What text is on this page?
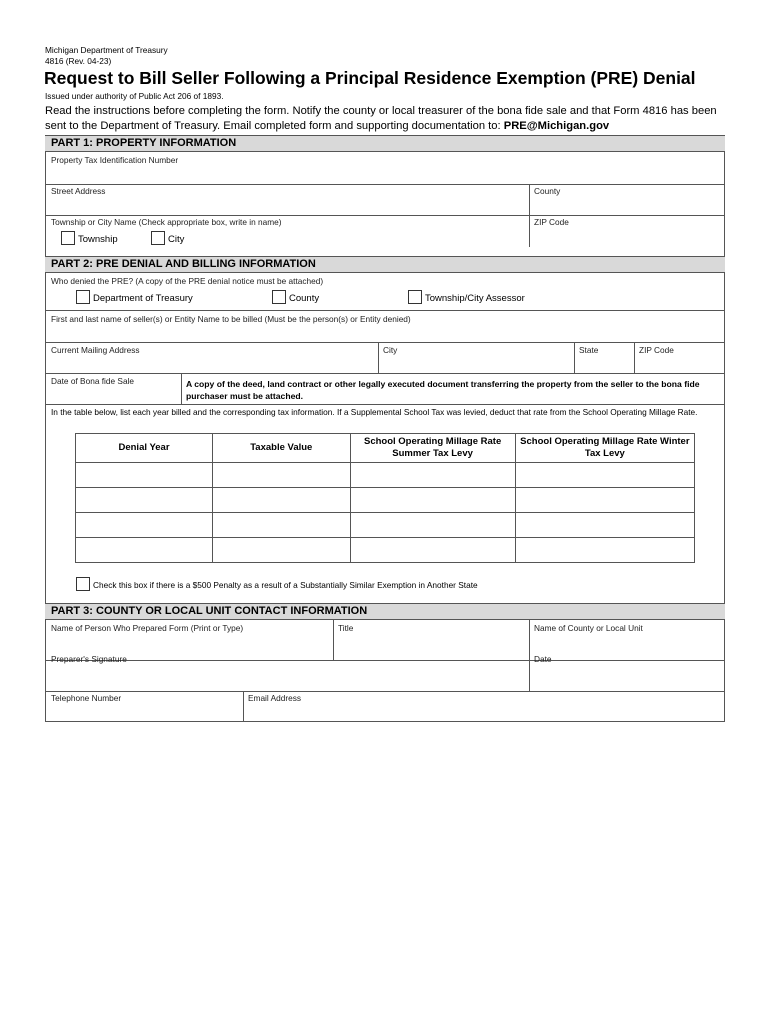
Michigan Department of Treasury
4816 (Rev. 04-23)
Request to Bill Seller Following a Principal Residence Exemption (PRE) Denial
Issued under authority of Public Act 206 of 1893.
Read the instructions before completing the form. Notify the county or local treasurer of the bona fide sale and that Form 4816 has been
sent to the Department of Treasury. Email completed form and supporting documentation to: PRE@Michigan.gov
PART 1: PROPERTY INFORMATION
Property Tax Identification Number
Street Address	County
Township or City Name (Check appropriate box, write in name)
Township	City
ZIP Code
PART 2: PRE DENIAL AND BILLING INFORMATION
Who denied the PRE? (A copy of the PRE denial notice must be attached)
Department of Treasury	County	Township/City Assessor
First and last name of seller(s) or Entity Name to be billed (Must be the person(s) or Entity denied)
Current Mailing Address	City	State	ZIP Code
Date of Bona fide Sale	A copy of the deed, land contract or other legally executed document transferring the property from the seller to the bona fide purchaser must be attached.
In the table below, list each year billed and the corresponding tax information. If a Supplemental School Tax was levied, deduct that rate from the School Operating Millage Rate.
Denial Year	Taxable Value	School Operating Millage Rate Summer Tax Levy	School Operating Millage Rate Winter Tax Levy

Check this box if there is a $500 Penalty as a result of a Substantially Similar Exemption in Another State
PART 3: COUNTY OR LOCAL UNIT CONTACT INFORMATION
Name of Person Who Prepared Form (Print or Type)	Title	Name of County or Local Unit
Preparer's Signature	Date
Telephone Number	Email Address
